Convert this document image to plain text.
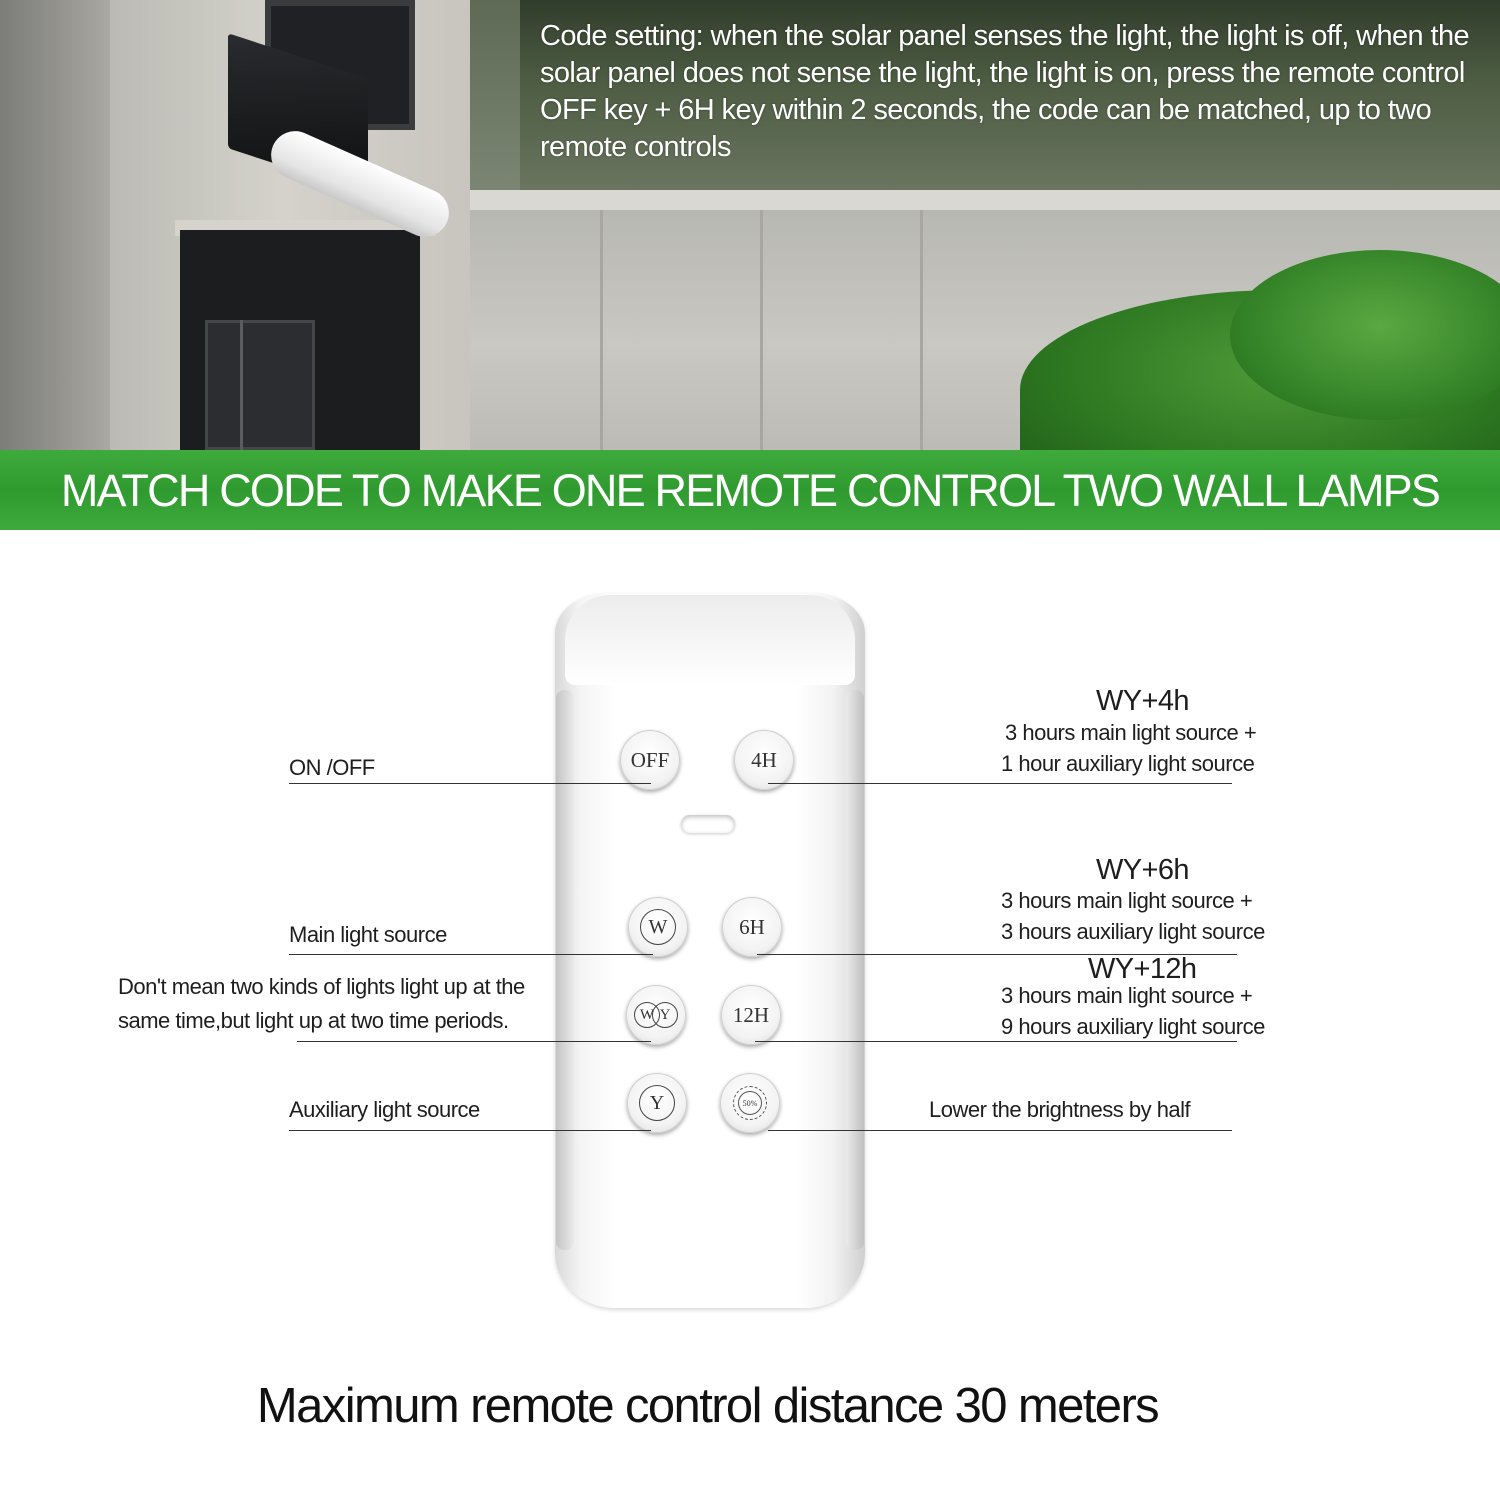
Code setting: when the solar panel senses the light, the light is off, when the solar panel does not sense the light, the light is on, press the remote control OFF key + 6H key within 2 seconds, the code can be matched, up to two remote controls
MATCH CODE TO MAKE ONE REMOTE CONTROL TWO WALL LAMPS
OFF	4H
W	6H
W Y	12H
Y	50%
ON /OFF
Main light source
Don't mean two kinds of lights light up at the
same time,but light up at two time periods.
Auxiliary light source
WY+4h
3 hours main light source +
1 hour auxiliary light source
WY+6h
3 hours main light source +
3 hours auxiliary light source
WY+12h
3 hours main light source +
9 hours auxiliary light source
Lower the brightness by half
Maximum remote control distance 30 meters
